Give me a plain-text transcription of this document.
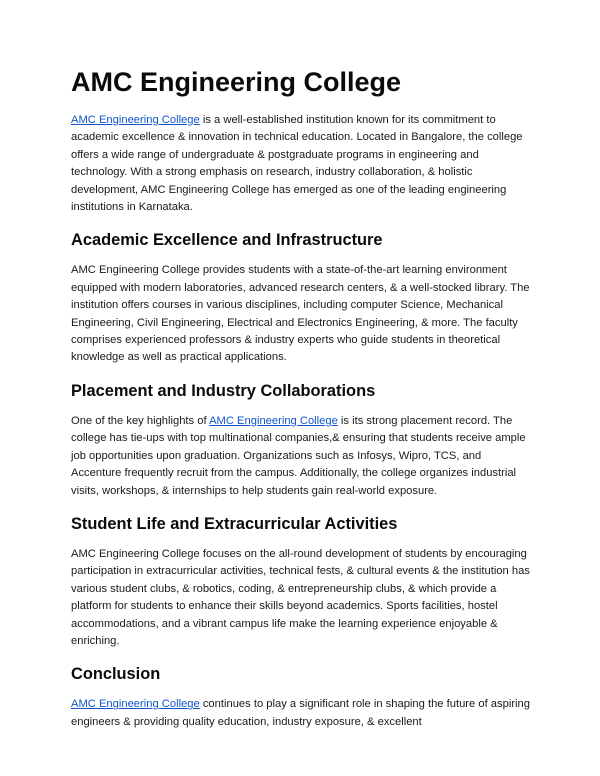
AMC Engineering College

AMC Engineering College is a well-established institution known for its commitment to academic excellence & innovation in technical education. Located in Bangalore, the college offers a wide range of undergraduate & postgraduate programs in engineering and technology. With a strong emphasis on research, industry collaboration, & holistic development, AMC Engineering College has emerged as one of the leading engineering institutions in Karnataka.

Academic Excellence and Infrastructure

AMC Engineering College provides students with a state-of-the-art learning environment equipped with modern laboratories, advanced research centers, & a well-stocked library. The institution offers courses in various disciplines, including computer Science, Mechanical Engineering, Civil Engineering, Electrical and Electronics Engineering, & more. The faculty comprises experienced professors & industry experts who guide students in theoretical knowledge as well as practical applications.

Placement and Industry Collaborations

One of the key highlights of AMC Engineering College is its strong placement record. The college has tie-ups with top multinational companies,& ensuring that students receive ample job opportunities upon graduation. Organizations such as Infosys, Wipro, TCS, and Accenture frequently recruit from the campus. Additionally, the college organizes industrial visits, workshops, & internships to help students gain real-world exposure.

Student Life and Extracurricular Activities

AMC Engineering College focuses on the all-round development of students by encouraging participation in extracurricular activities, technical fests, & cultural events & the institution has various student clubs, & robotics, coding, & entrepreneurship clubs, & which provide a platform for students to enhance their skills beyond academics. Sports facilities, hostel accommodations, and a vibrant campus life make the learning experience enjoyable & enriching.

Conclusion

AMC Engineering College continues to play a significant role in shaping the future of aspiring engineers & providing quality education, industry exposure, & excellent
